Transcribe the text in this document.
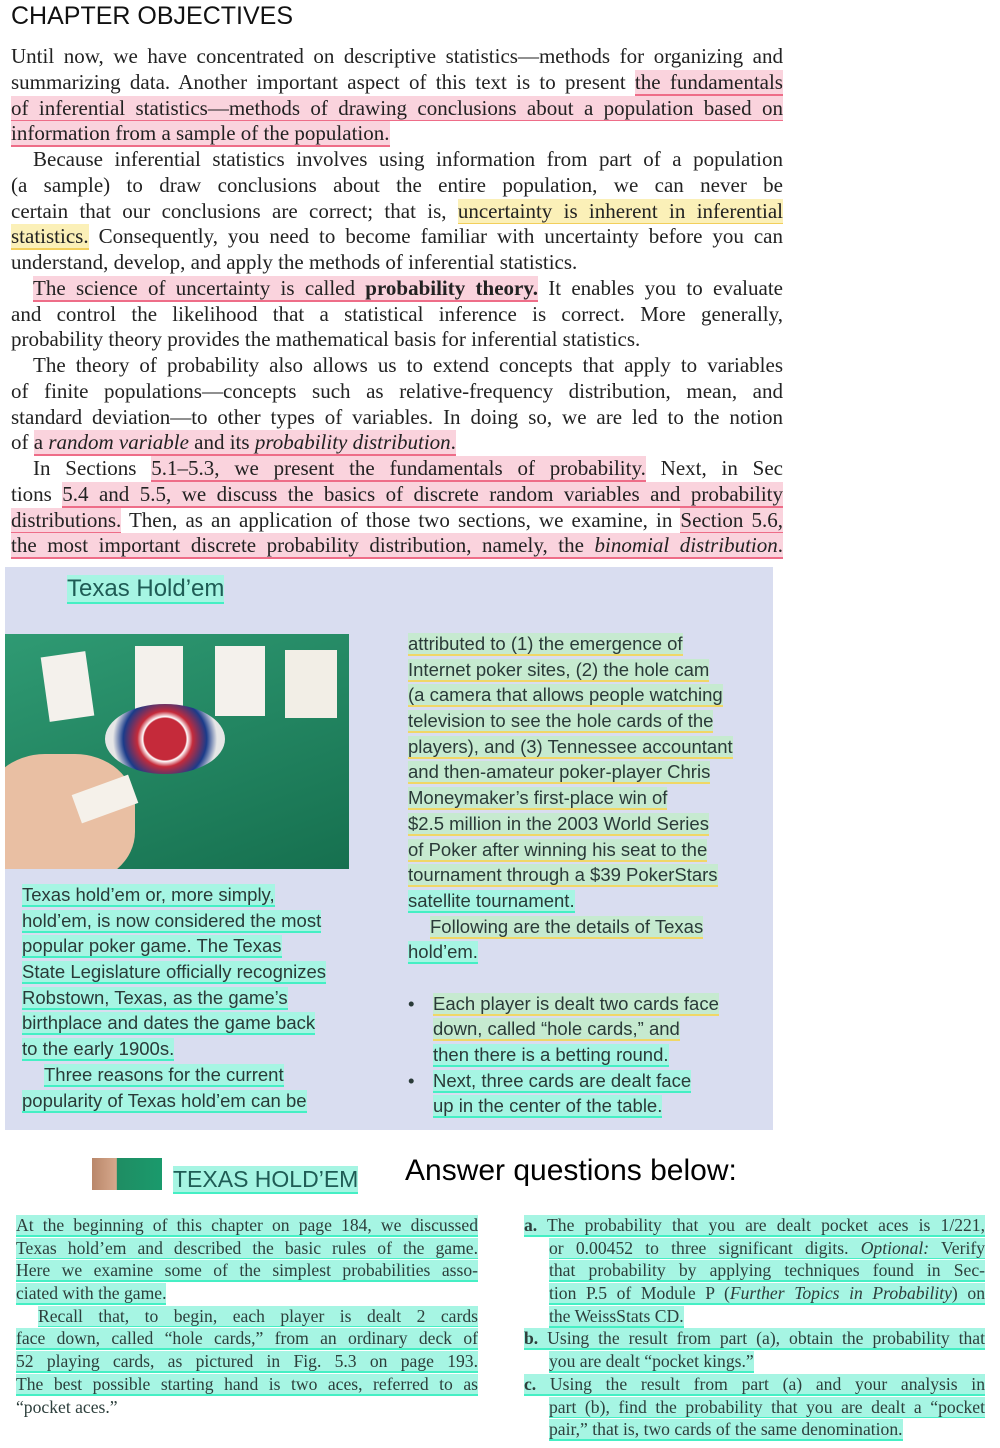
CHAPTER OBJECTIVES
Until now, we have concentrated on descriptive statistics—methods for organizing and
summarizing data. Another important aspect of this text is to present the fundamentals
of inferential statistics—methods of drawing conclusions about a population based on
information from a sample of the population.
Because inferential statistics involves using information from part of a population
(a sample) to draw conclusions about the entire population, we can never be
certain that our conclusions are correct; that is, uncertainty is inherent in inferential
statistics. Consequently, you need to become familiar with uncertainty before you can
understand, develop, and apply the methods of inferential statistics.
The science of uncertainty is called probability theory. It enables you to evaluate
and control the likelihood that a statistical inference is correct. More generally,
probability theory provides the mathematical basis for inferential statistics.
The theory of probability also allows us to extend concepts that apply to variables
of finite populations—concepts such as relative-frequency distribution, mean, and
standard deviation—to other types of variables. In doing so, we are led to the notion
of a random variable and its probability distribution.
In Sections 5.1–5.3, we present the fundamentals of probability. Next, in Sec
tions 5.4 and 5.5, we discuss the basics of discrete random variables and probability
distributions. Then, as an application of those two sections, we examine, in Section 5.6,
the most important discrete probability distribution, namely, the binomial distribution.
Texas Hold’em
Texas hold’em or, more simply,
hold’em, is now considered the most
popular poker game. The Texas
State Legislature officially recognizes
Robstown, Texas, as the game’s
birthplace and dates the game back
to the early 1900s.
Three reasons for the current
popularity of Texas hold’em can be
attributed to (1) the emergence of
Internet poker sites, (2) the hole cam
(a camera that allows people watching
television to see the hole cards of the
players), and (3) Tennessee accountant
and then-amateur poker-player Chris
Moneymaker’s first-place win of
$2.5 million in the 2003 World Series
of Poker after winning his seat to the
tournament through a $39 PokerStars
satellite tournament.
Following are the details of Texas
hold’em.
• Each player is dealt two cards face
down, called “hole cards,” and
then there is a betting round.
• Next, three cards are dealt face
up in the center of the table.
TEXAS HOLD’EM Answer questions below:
At the beginning of this chapter on page 184, we discussed
Texas hold’em and described the basic rules of the game.
Here we examine some of the simplest probabilities asso-
ciated with the game.
Recall that, to begin, each player is dealt 2 cards
face down, called “hole cards,” from an ordinary deck of
52 playing cards, as pictured in Fig. 5.3 on page 193.
The best possible starting hand is two aces, referred to as
“pocket aces.”
a. The probability that you are dealt pocket aces is 1/221,
or 0.00452 to three significant digits. Optional: Verify
that probability by applying techniques found in Sec-
tion P.5 of Module P (Further Topics in Probability) on
the WeissStats CD.
b. Using the result from part (a), obtain the probability that
you are dealt “pocket kings.”
c. Using the result from part (a) and your analysis in
part (b), find the probability that you are dealt a “pocket
pair,” that is, two cards of the same denomination.
